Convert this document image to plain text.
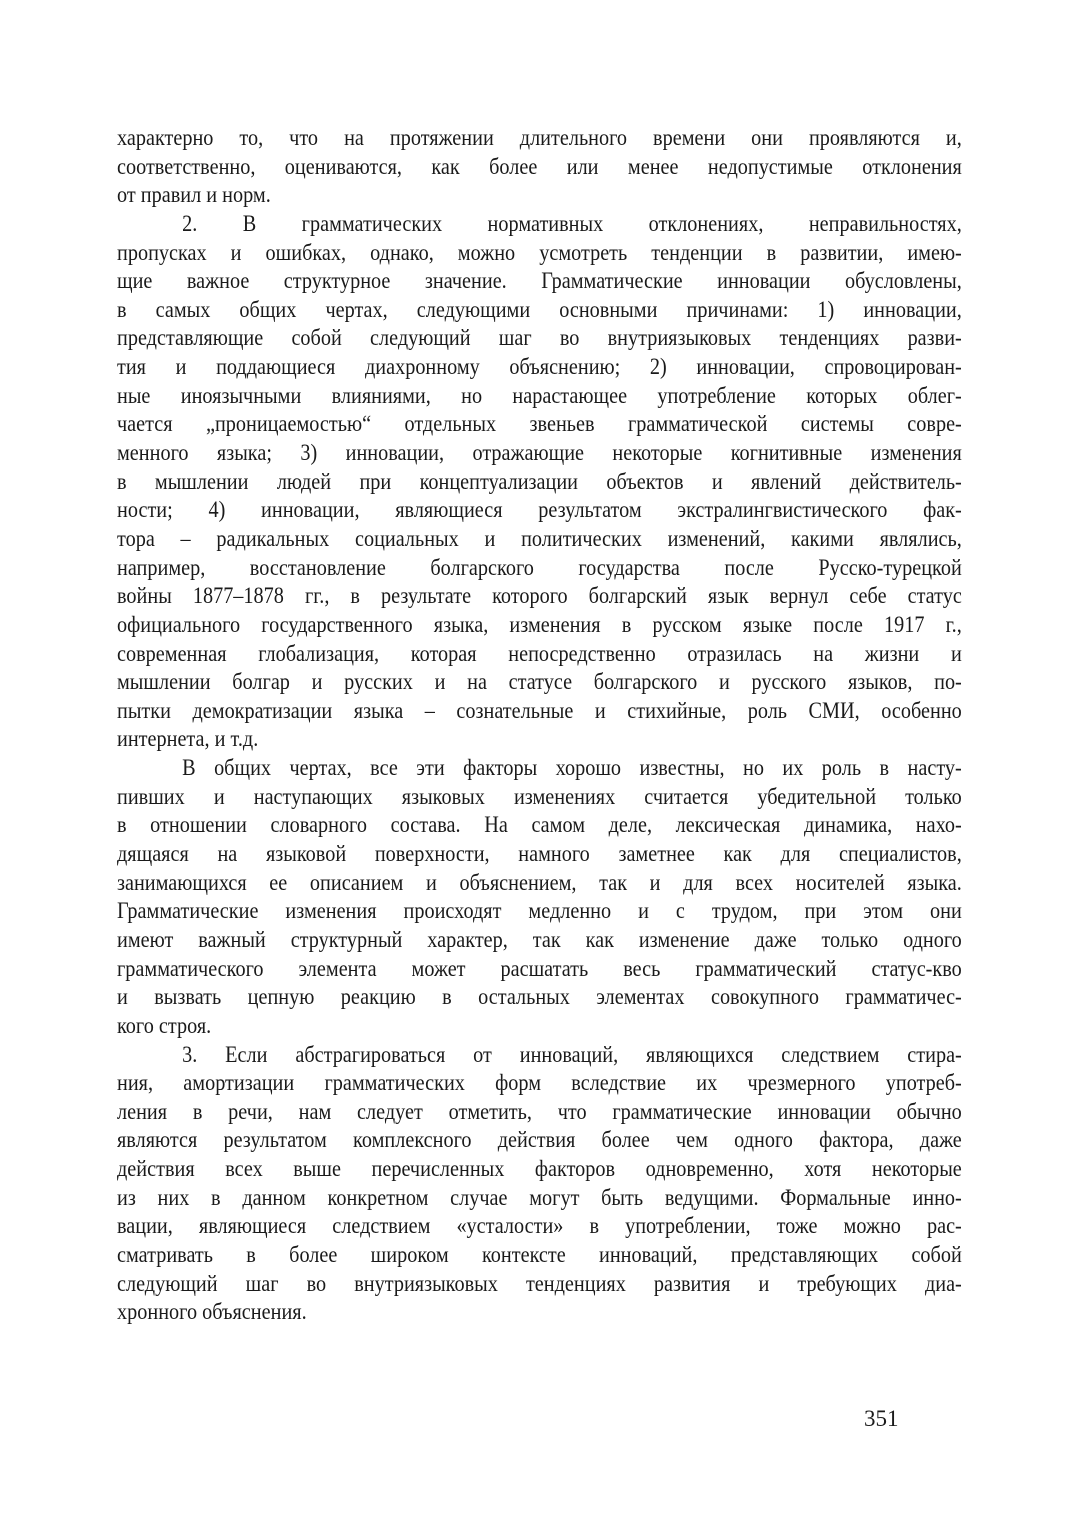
характерно то, что на протяжении длительного времени они проявляются и,
соответственно, оцениваются, как более или менее недопустимые отклонения
от правил и норм.
2. В грамматических нормативных отклонениях, неправильностях,
пропусках и ошибках, однако, можно усмотреть тенденции в развитии, имею-
щие важное структурное значение. Грамматические инновации обусловлены,
в самых общих чертах, следующими основными причинами: 1) инновации,
представляющие собой следующий шаг во внутриязыковых тенденциях разви-
тия и поддающиеся диахронному объяснению; 2) инновации, спровоцирован-
ные иноязычными влияниями, но нарастающее употребление которых облег-
чается „проницаемостью“ отдельных звеньев грамматической системы совре-
менного языка; 3) инновации, отражающие некоторые когнитивные изменения
в мышлении людей при концептуализации объектов и явлений действитель-
ности; 4) инновации, являющиеся результатом экстралингвистического фак-
тора – радикальных социальных и политических изменений, какими являлись,
например, восстановление болгарского государства после Русско-турецкой
войны 1877–1878 гг., в результате которого болгарский язык вернул себе статус
официального государственного языка, изменения в русском языке после 1917 г.,
современная глобализация, которая непосредственно отразилась на жизни и
мышлении болгар и русских и на статусе болгарского и русского языков, по-
пытки демократизации языка – сознательные и стихийные, роль СМИ, особенно
интернета, и т.д.
В общих чертах, все эти факторы хорошо известны, но их роль в насту-
пивших и наступающих языковых изменениях считается убедительной только
в отношении словарного состава. На самом деле, лексическая динамика, нахо-
дящаяся на языковой поверхности, намного заметнее как для специалистов,
занимающихся ее описанием и объяснением, так и для всех носителей языка.
Грамматические изменения происходят медленно и с трудом, при этом они
имеют важный структурный характер, так как изменение даже только одного
грамматического элемента может расшатать весь грамматический статус-кво
и вызвать цепную реакцию в остальных элементах совокупного грамматичес-
кого строя.
3. Если абстрагироваться от инноваций, являющихся следствием стира-
ния, амортизации грамматических форм вследствие их чрезмерного употреб-
ления в речи, нам следует отметить, что грамматические инновации обычно
являются результатом комплексного действия более чем одного фактора, даже
действия всех выше перечисленных факторов одновременно, хотя некоторые
из них в данном конкретном случае могут быть ведущими. Формальные инно-
вации, являющиеся следствием «усталости» в употреблении, тоже можно рас-
сматривать в более широком контексте инноваций, представляющих собой
следующий шаг во внутриязыковых тенденциях развития и требующих диа-
хронного объяснения.
351
